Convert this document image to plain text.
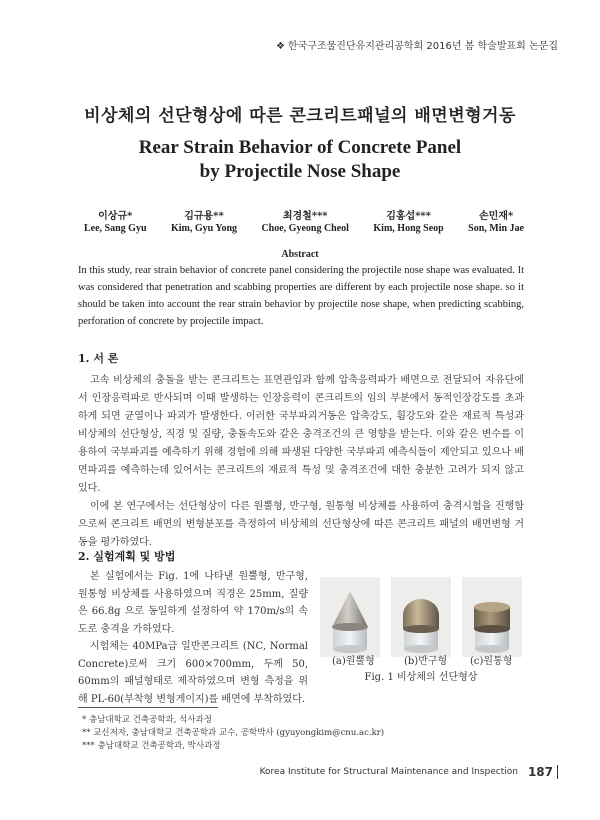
❖ 한국구조물진단유지관리공학회 2016년 봄 학술발표회 논문집
비상체의 선단형상에 따른 콘크리트패널의 배면변형거동
Rear Strain Behavior of Concrete Panel
by Projectile Nose Shape
이상규*
Lee, Sang Gyu
김규용**
Kim, Gyu Yong
최경철***
Choe, Gyeong Cheol
김홍섭***
Kim, Hong Seop
손민재*
Son, Min Jae
Abstract
In this study, rear strain behavior of concrete panel considering the projectile nose shape was evaluated. It was considered that penetration and scabbing properties are different by each projectile nose shape. so it should be taken into account the rear strain behavior by projectile nose shape, when predicting scabbing, perforation of concrete by projectile impact.
1. 서 론

고속 비상체의 충돌을 받는 콘크리트는 표면관입과 함께 압축응력파가 배면으로 전달되어 자유단에서 인장응력파로 반사되며 이때 발생하는 인장응력이 콘크리트의 임의 부분에서 동적인장강도를 초과하게 되면 균열이나 파괴가 발생한다. 이러한 국부파괴거동은 압축강도, 휨강도와 같은 재료적 특성과 비상체의 선단형상, 직경 및 질량, 충돌속도와 같은 충격조건의 큰 영향을 받는다. 이와 같은 변수를 이용하여 국부파괴를 예측하기 위해 경험에 의해 파생된 다양한 국부파괴 예측식들이 제안되고 있으나 배면파괴를 예측하는데 있어서는 콘크리트의 재료적 특성 및 충격조건에 대한 충분한 고려가 되지 않고 있다.

이에 본 연구에서는 선단형상이 다른 원뿔형, 반구형, 원통형 비상체를 사용하여 충격시험을 진행함으로써 콘크리트 배면의 변형분포를 측정하여 비상체의 선단형상에 따른 콘크리트 패널의 배면변형 거동을 평가하였다.

2. 실험계획 및 방법

본 실험에서는 Fig. 1에 나타낸 원뿔형, 반구형, 원통형 비상체를 사용하였으며 직경은 25mm, 질량은 66.8g 으로 동일하게 설정하여 약 170m/s의 속도로 충격을 가하였다.

시험체는 40MPa급 일반콘크리트 (NC, Normal Concrete)로써 크기 600×700mm, 두께 50, 60mm의 패널형태로 제작하였으며 변형 측정을 위해 PL-60(부착형 변형게이지)를 배면에 부착하였다.

(a)원뿔형	(b)반구형 (c)원통형
Fig. 1 비상체의 선단형상
* 충남대학교 건축공학과, 석사과정
** 교신저자, 충남대학교 건축공학과 교수, 공학박사 (gyuyongkim@cnu.ac.kr)
*** 충남대학교 건축공학과, 박사과정
Korea Institute for Structural Maintenance and Inspection 187
